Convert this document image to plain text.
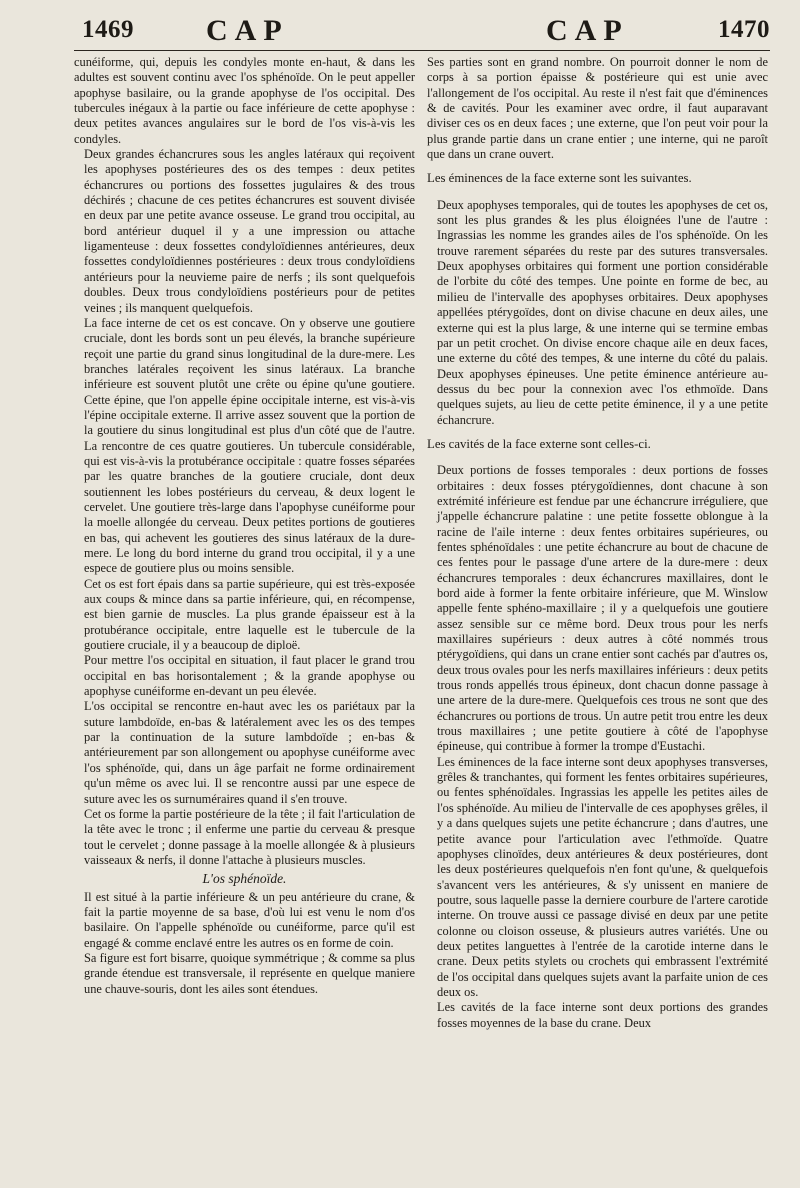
1469 CAP	CAP	1470

cunéiforme, qui, depuis les condyles monte en-haut, & dans les adultes est souvent continu avec l'os sphénoïde. On le peut appeller apophyse basilaire, ou la grande apophyse de l'os occipital. Des tubercules inégaux à la partie ou face inférieure de cette apophyse : deux petites avances angulaires sur le bord de l'os vis-à-vis les condyles.

Deux grandes échancrures sous les angles latéraux qui reçoivent les apophyses postérieures des os des tempes : deux petites échancrures ou portions des fossettes jugulaires & des trous déchirés ; chacune de ces petites échancrures est souvent divisée en deux par une petite avance osseuse. Le grand trou occipital, au bord antérieur duquel il y a une impression ou attache ligamenteuse : deux fossettes condyloïdiennes antérieures, deux fossettes condyloïdiennes postérieures : deux trous condyloïdiens antérieurs pour la neuvieme paire de nerfs ; ils sont quelquefois doubles. Deux trous condyloïdiens postérieurs pour de petites veines ; ils manquent quelquefois.

La face interne de cet os est concave. On y observe une goutiere cruciale, dont les bords sont un peu élevés, la branche supérieure reçoit une partie du grand sinus longitudinal de la dure-mere. Les branches latérales reçoivent les sinus latéraux. La branche inférieure est souvent plutôt une crête ou épine qu'une goutiere. Cette épine, que l'on appelle épine occipitale interne, est vis-à-vis l'épine occipitale externe. Il arrive assez souvent que la portion de la goutiere du sinus longitudinal est plus d'un côté que de l'autre. La rencontre de ces quatre goutieres. Un tubercule considérable, qui est vis-à-vis la protubérance occipitale : quatre fosses séparées par les quatre branches de la goutiere cruciale, dont deux soutiennent les lobes postérieurs du cerveau, & deux logent le cervelet. Une goutiere très-large dans l'apophyse cunéiforme pour la moelle allongée du cerveau. Deux petites portions de goutieres en bas, qui achevent les goutieres des sinus latéraux de la dure-mere. Le long du bord interne du grand trou occipital, il y a une espece de goutiere plus ou moins sensible.

Cet os est fort épais dans sa partie supérieure, qui est très-exposée aux coups & mince dans sa partie inférieure, qui, en récompense, est bien garnie de muscles. La plus grande épaisseur est à la protubérance occipitale, entre laquelle est le tubercule de la goutiere cruciale, il y a beaucoup de diploë.

Pour mettre l'os occipital en situation, il faut placer le grand trou occipital en bas horisontalement ; & la grande apophyse ou apophyse cunéiforme en-devant un peu élevée.

L'os occipital se rencontre en-haut avec les os pariétaux par la suture lambdoïde, en-bas & latéralement avec les os des tempes par la continuation de la suture lambdoïde ; en-bas & antérieurement par son allongement ou apophyse cunéiforme avec l'os sphénoïde, qui, dans un âge parfait ne forme ordinairement qu'un même os avec lui. Il se rencontre aussi par une espece de suture avec les os surnuméraires quand il s'en trouve.

Cet os forme la partie postérieure de la tête ; il fait l'articulation de la tête avec le tronc ; il enferme une partie du cerveau & presque tout le cervelet ; donne passage à la moelle allongée & à plusieurs vaisseaux & nerfs, il donne l'attache à plusieurs muscles.

L'os sphénoïde.

Il est situé à la partie inférieure & un peu antérieure du crane, & fait la partie moyenne de sa base, d'où lui est venu le nom d'os basilaire. On l'appelle sphénoïde ou cunéiforme, parce qu'il est engagé & comme enclavé entre les autres os en forme de coin.

Sa figure est fort bisarre, quoique symmétrique ; & comme sa plus grande étendue est transversale, il représente en quelque maniere une chauve-souris, dont les ailes sont étendues.

Ses parties sont en grand nombre. On pourroit donner le nom de corps à sa portion épaisse & postérieure qui est unie avec l'allongement de l'os occipital. Au reste il n'est fait que d'éminences & de cavités. Pour les examiner avec ordre, il faut auparavant diviser ces os en deux faces ; une externe, que l'on peut voir pour la plus grande partie dans un crane entier ; une interne, qui ne paroît que dans un crane ouvert.

Les éminences de la face externe sont les suivantes.

Deux apophyses temporales, qui de toutes les apophyses de cet os, sont les plus grandes & les plus éloignées l'une de l'autre : Ingrassias les nomme les grandes ailes de l'os sphénoïde. On les trouve rarement séparées du reste par des sutures transversales. Deux apophyses orbitaires qui forment une portion considérable de l'orbite du côté des tempes. Une pointe en forme de bec, au milieu de l'intervalle des apophyses orbitaires. Deux apophyses appellées ptérygoïdes, dont on divise chacune en deux ailes, une externe qui est la plus large, & une interne qui se termine embas par un petit crochet. On divise encore chaque aile en deux faces, une externe du côté des tempes, & une interne du côté du palais. Deux apophyses épineuses. Une petite éminence antérieure au-dessus du bec pour la connexion avec l'os ethmoïde. Dans quelques sujets, au lieu de cette petite éminence, il y a une petite échancrure.

Les cavités de la face externe sont celles-ci.

Deux portions de fosses temporales : deux portions de fosses orbitaires : deux fosses ptérygoïdiennes, dont chacune à son extrémité inférieure est fendue par une échancrure irréguliere, que j'appelle échancrure palatine : une petite fossette oblongue à la racine de l'aile interne : deux fentes orbitaires supérieures, ou fentes sphénoïdales : une petite échancrure au bout de chacune de ces fentes pour le passage d'une artere de la dure-mere : deux échancrures temporales : deux échancrures maxillaires, dont le bord aide à former la fente orbitaire inférieure, que M. Winslow appelle fente sphéno-maxillaire ; il y a quelquefois une goutiere assez sensible sur ce même bord. Deux trous pour les nerfs maxillaires supérieurs : deux autres à côté nommés trous ptérygoïdiens, qui dans un crane entier sont cachés par d'autres os, deux trous ovales pour les nerfs maxillaires inférieurs : deux petits trous ronds appellés trous épineux, dont chacun donne passage à une artere de la dure-mere. Quelquefois ces trous ne sont que des échancrures ou portions de trous. Un autre petit trou entre les deux trous maxillaires ; une petite goutiere à côté de l'apophyse épineuse, qui contribue à former la trompe d'Eustachi.

Les éminences de la face interne sont deux apophyses transverses, grêles & tranchantes, qui forment les fentes orbitaires supérieures, ou fentes sphénoïdales. Ingrassias les appelle les petites ailes de l'os sphénoïde. Au milieu de l'intervalle de ces apophyses grêles, il y a dans quelques sujets une petite échancrure ; dans d'autres, une petite avance pour l'articulation avec l'ethmoïde. Quatre apophyses clinoïdes, deux antérieures & deux postérieures, dont les deux postérieures quelquefois n'en font qu'une, & quelquefois s'avancent vers les antérieures, & s'y unissent en maniere de poutre, sous laquelle passe la derniere courbure de l'artere carotide interne. On trouve aussi ce passage divisé en deux par une petite colonne ou cloison osseuse, & plusieurs autres variétés. Une ou deux petites languettes à l'entrée de la carotide interne dans le crane. Deux petits stylets ou crochets qui embrassent l'extrémité de l'os occipital dans quelques sujets avant la parfaite union de ces deux os.

Les cavités de la face interne sont deux portions des grandes fosses moyennes de la base du crane. Deux
